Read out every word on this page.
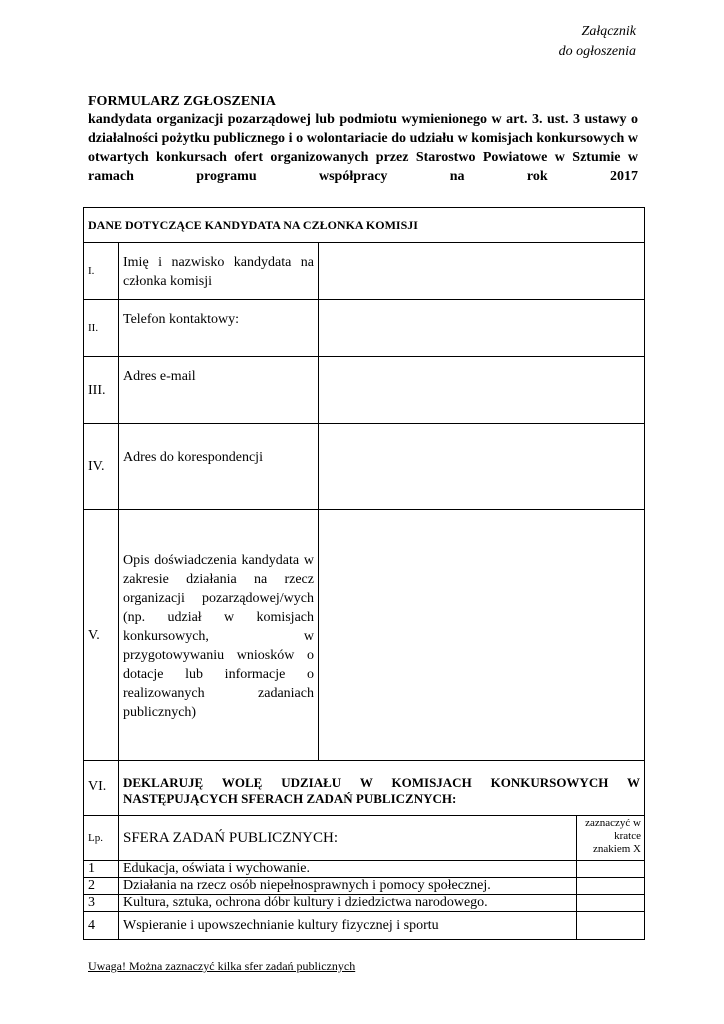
Załącznik
do ogłoszenia
FORMULARZ ZGŁOSZENIA
kandydata organizacji pozarządowej lub podmiotu wymienionego w art. 3. ust. 3 ustawy o działalności pożytku publicznego i o wolontariacie do udziału w komisjach konkursowych w otwartych konkursach ofert organizowanych przez Starostwo Powiatowe w Sztumie w ramach programu współpracy na rok 2017
DANE DOTYCZĄCE KANDYDATA NA CZŁONKA KOMISJI			
I.	Imię i nazwisko kandydata na członka komisji		
II.	Telefon kontaktowy:		
III.	Adres e-mail		
IV.	Adres do korespondencji		
V.	Opis doświadczenia kandydata w zakresie działania na rzecz organizacji pozarządowej/wych (np. udział w komisjach konkursowych, w przygotowywaniu wniosków o dotacje lub informacje o realizowanych zadaniach publicznych)		
VI.	DEKLARUJĘ WOLĘ UDZIAŁU W KOMISJACH KONKURSOWYCH W NASTĘPUJĄCYCH SFERACH ZADAŃ PUBLICZNYCH:		
Lp.	SFERA ZADAŃ PUBLICZNYCH:		zaznaczyć w kratce znakiem X
1	Edukacja, oświata i wychowanie.		
2	Działania na rzecz osób niepełnosprawnych i pomocy społecznej.		
3	Kultura, sztuka, ochrona dóbr kultury i dziedzictwa narodowego.		
4	Wspieranie i upowszechnianie kultury fizycznej i sportu		
Uwaga! Można zaznaczyć kilka sfer zadań publicznych
